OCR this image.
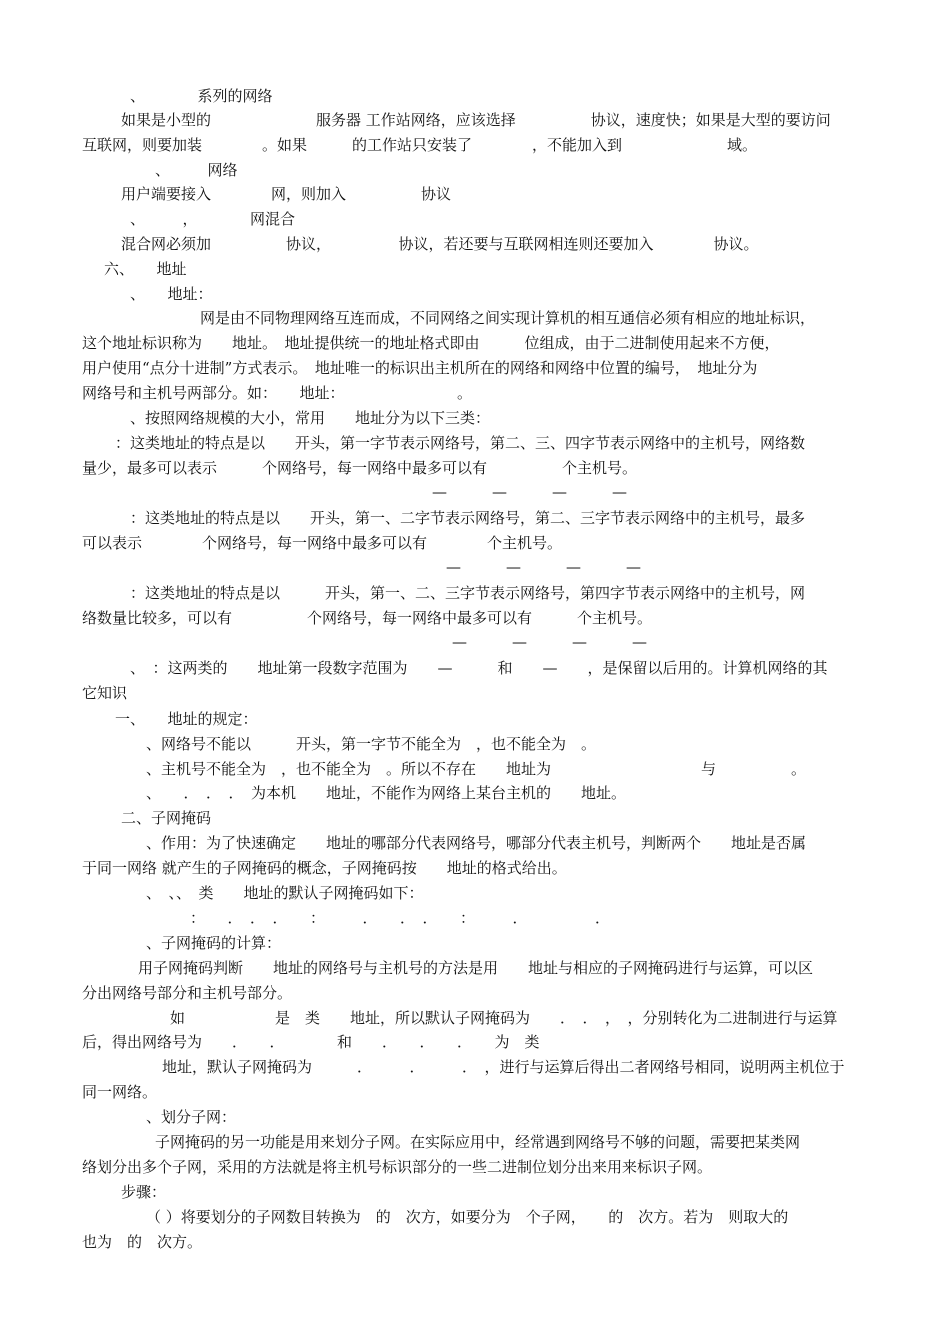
、　　　　系列的网络
如果是小型的　　　　　　　服务器 工作站网络，应该选择　　　　　协议，速度快；如果是大型的要访问
互联网，则要加装　　　　。如果　　　的工作站只安装了　　　　，不能加入到　　　　　　　域。
、　　　网络
用户端要接入　　　　网，则加入　　　　　协议
、　　　，　　　　网混合
混合网必须加　　　　　协议，　　　　　协议，若还要与互联网相连则还要加入　　　　协议。
六、　　地址
、　　地址：
网是由不同物理网络互连而成，不同网络之间实现计算机的相互通信必须有相应的地址标识，
这个地址标识称为　　地址。　地址提供统一的地址格式即由　　　位组成，由于二进制使用起来不方便，
用户使用“点分十进制”方式表示。　地址唯一的标识出主机所在的网络和网络中位置的编号，　地址分为
网络号和主机号两部分。如：　　地址：　　　　　　　　。
、按照网络规模的大小，常用　　地址分为以下三类：
：这类地址的特点是以　　开头，第一字节表示网络号，第二、三、四字节表示网络中的主机号，网络数
量少，最多可以表示　　　个网络号，每一网络中最多可以有　　　　　个主机号。
—　　　—　　　—　　　—
：这类地址的特点是以　　开头，第一、二字节表示网络号，第二、三字节表示网络中的主机号，最多
可以表示　　　　个网络号，每一网络中最多可以有　　　　个主机号。
—　　　—　　　—　　　—
：这类地址的特点是以　　　开头，第一、二、三字节表示网络号，第四字节表示网络中的主机号，网
络数量比较多，可以有　　　　　个网络号，每一网络中最多可以有　　　个主机号。
—　　　—　　　—　　　—
、　：这两类的　　地址第一段数字范围为　　—　　　和　　—　　，是保留以后用的。计算机网络的其
它知识
一、　　地址的规定：
、网络号不能以　　　开头，第一字节不能全为　，也不能全为　。
、主机号不能全为　，也不能全为　。所以不存在　　地址为　　　　　　　　　　与　　　　　。
、　　．　．　．　为本机　　地址，不能作为网络上某台主机的　　地址。
二、子网掩码
、作用：为了快速确定　　地址的哪部分代表网络号，哪部分代表主机号，判断两个　　地址是否属
于同一网络 就产生的子网掩码的概念，子网掩码按　　地址的格式给出。
、　、、　类　　地址的默认子网掩码如下：
：　　．　．　．　　：　　　．　　．　．　　：　　　．　　　　　．
、子网掩码的计算：
用子网掩码判断　　地址的网络号与主机号的方法是用　　地址与相应的子网掩码进行与运算，可以区
分出网络号部分和主机号部分。
如　　　　　　是　类　　地址，所以默认子网掩码为　　．　．　，　，分别转化为二进制进行与运算
后，得出网络号为　　．　　．　　　　和　　．　　．　　．　　为　类
地址，默认子网掩码为　　　．　　　．　　　．　，进行与运算后得出二者网络号相同，说明两主机位于
同一网络。
、划分子网：
子网掩码的另一功能是用来划分子网。在实际应用中，经常遇到网络号不够的问题，需要把某类网
络划分出多个子网，采用的方法就是将主机号标识部分的一些二进制位划分出来用来标识子网。
步骤：
（ ）将要划分的子网数目转换为　的　次方，如要分为　个子网，　　的　次方。若为　则取大的
也为　的　次方。
